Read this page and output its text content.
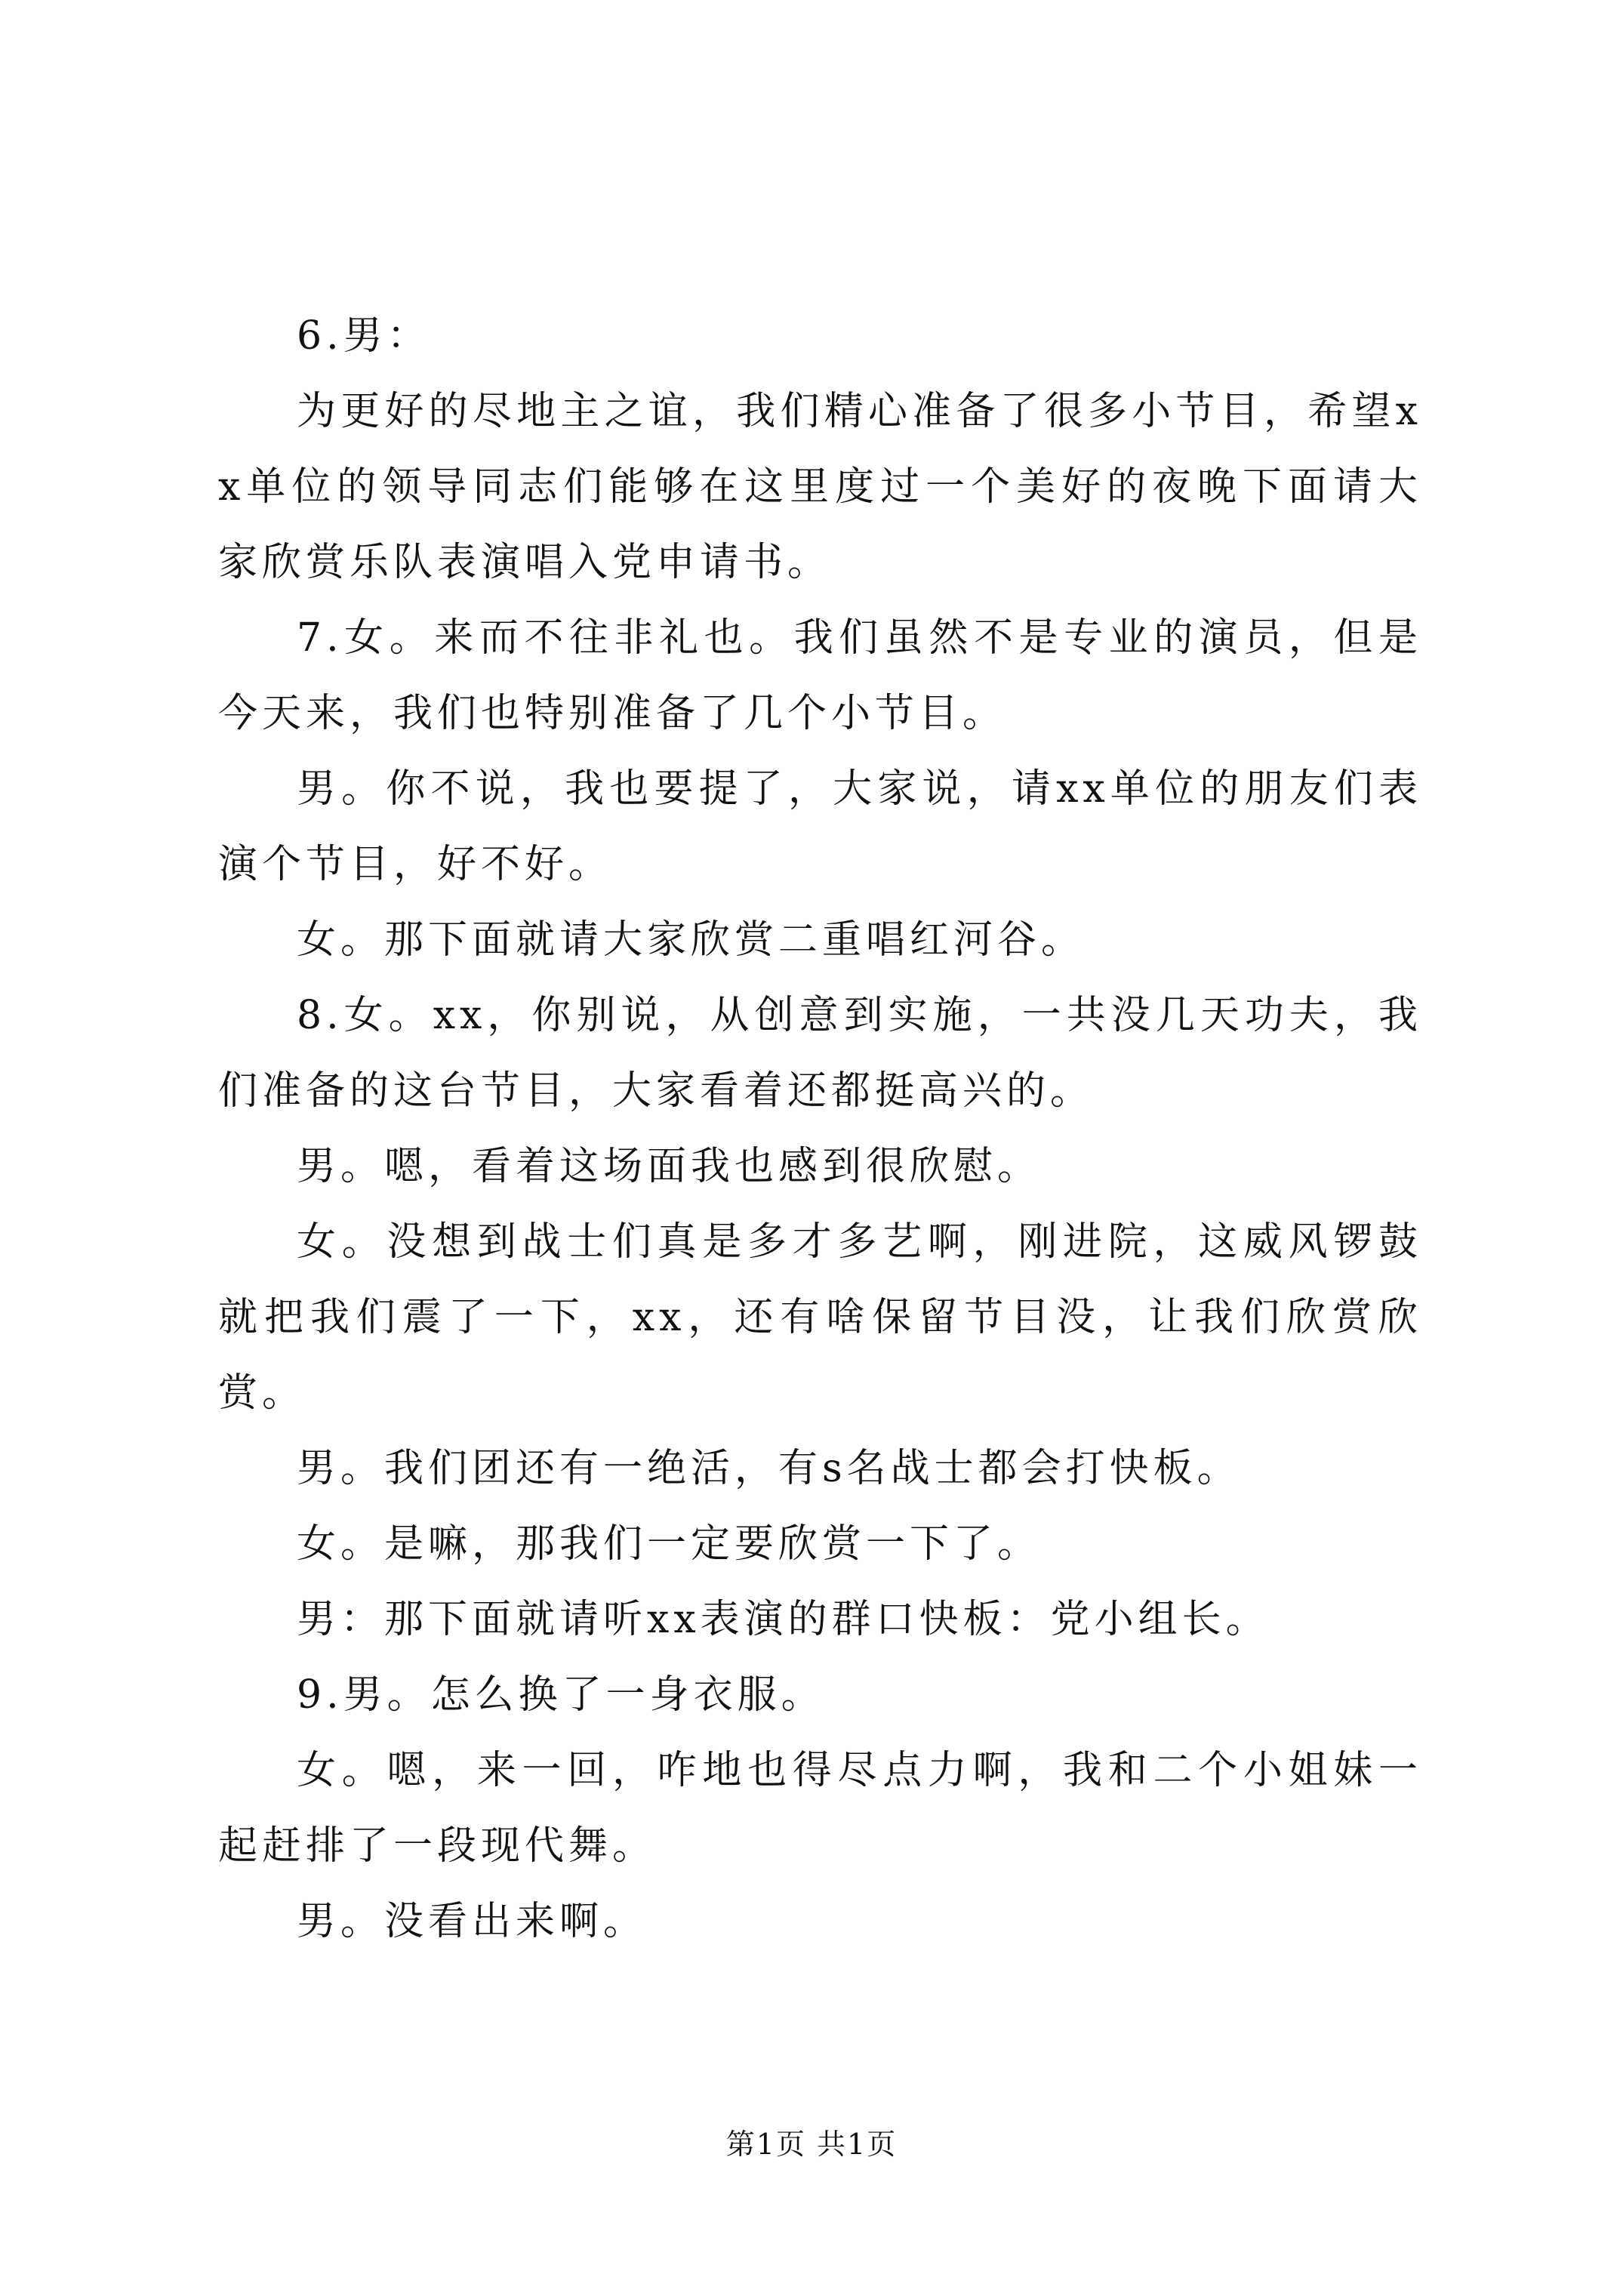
6.男：

为更好的尽地主之谊，我们精心准备了很多小节目，希望xx单位的领导同志们能够在这里度过一个美好的夜晚下面请大家欣赏乐队表演唱入党申请书。

7.女。来而不往非礼也。我们虽然不是专业的演员，但是今天来，我们也特别准备了几个小节目。

男。你不说，我也要提了，大家说，请xx单位的朋友们表演个节目，好不好。

女。那下面就请大家欣赏二重唱红河谷。

8.女。xx，你别说，从创意到实施，一共没几天功夫，我们准备的这台节目，大家看着还都挺高兴的。

男。嗯，看着这场面我也感到很欣慰。

女。没想到战士们真是多才多艺啊，刚进院，这威风锣鼓就把我们震了一下，xx，还有啥保留节目没，让我们欣赏欣赏。

男。我们团还有一绝活，有s名战士都会打快板。

女。是嘛，那我们一定要欣赏一下了。

男：那下面就请听xx表演的群口快板：党小组长。

9.男。怎么换了一身衣服。

女。嗯，来一回，咋地也得尽点力啊，我和二个小姐妹一起赶排了一段现代舞。

男。没看出来啊。

第1页 共1页
